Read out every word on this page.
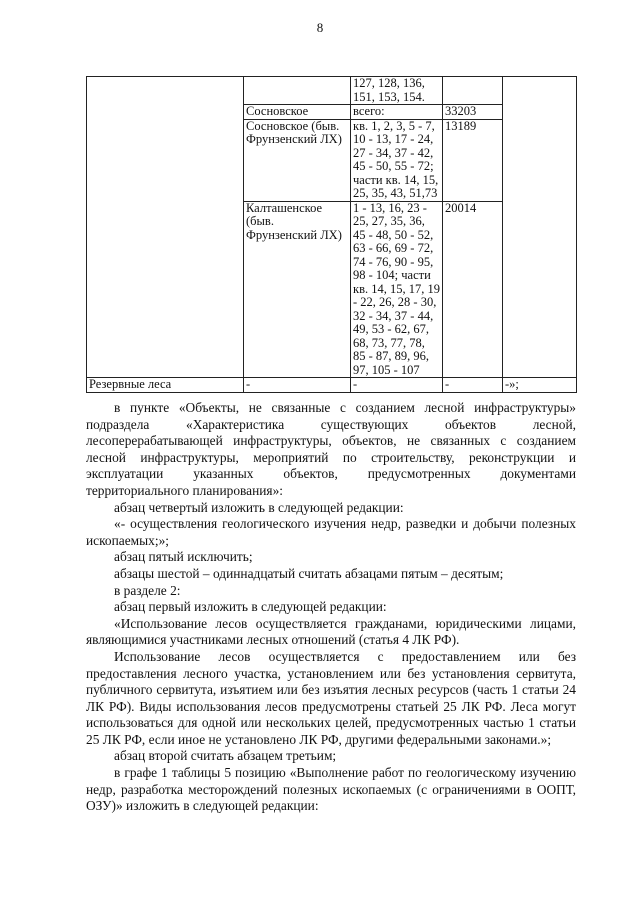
8
		127, 128, 136, 151, 153, 154.		
	Сосновское	всего:	33203	
	Сосновское (быв. Фрунзенский ЛХ)	кв. 1, 2, 3, 5 - 7, 10 - 13, 17 - 24, 27 - 34, 37 - 42, 45 - 50, 55 - 72; части кв. 14, 15, 25, 35, 43, 51,73	13189	
	Калташенское (быв. Фрунзенский ЛХ)	1 - 13, 16, 23 - 25, 27, 35, 36, 45 - 48, 50 - 52, 63 - 66, 69 - 72, 74 - 76, 90 - 95, 98 - 104; части кв. 14, 15, 17, 19 - 22, 26, 28 - 30, 32 - 34, 37 - 44, 49, 53 - 62, 67, 68, 73, 77, 78, 85 - 87, 89, 96, 97, 105 - 107	20014	
Резервные леса	-	-	-	-»;

в пункте «Объекты, не связанные с созданием лесной инфраструктуры» подраздела «Характеристика существующих объектов лесной, лесоперерабатывающей инфраструктуры, объектов, не связанных с созданием лесной инфраструктуры, мероприятий по строительству, реконструкции и эксплуатации указанных объектов, предусмотренных документами территориального планирования»:

абзац четвертый изложить в следующей редакции:

«- осуществления геологического изучения недр, разведки и добычи полезных ископаемых;»;

абзац пятый исключить;

абзацы шестой – одиннадцатый считать абзацами пятым – десятым;

в разделе 2:

абзац первый изложить в следующей редакции:

«Использование лесов осуществляется гражданами, юридическими лицами, являющимися участниками лесных отношений (статья 4 ЛК РФ).

Использование лесов осуществляется с предоставлением или без предоставления лесного участка, установлением или без установления сервитута, публичного сервитута, изъятием или без изъятия лесных ресурсов (часть 1 статьи 24 ЛК РФ). Виды использования лесов предусмотрены статьей 25 ЛК РФ. Леса могут использоваться для одной или нескольких целей, предусмотренных частью 1 статьи 25 ЛК РФ, если иное не установлено ЛК РФ, другими федеральными законами.»;

абзац второй считать абзацем третьим;

в графе 1 таблицы 5 позицию «Выполнение работ по геологическому изучению недр, разработка месторождений полезных ископаемых (с ограничениями в ООПТ, ОЗУ)» изложить в следующей редакции:
